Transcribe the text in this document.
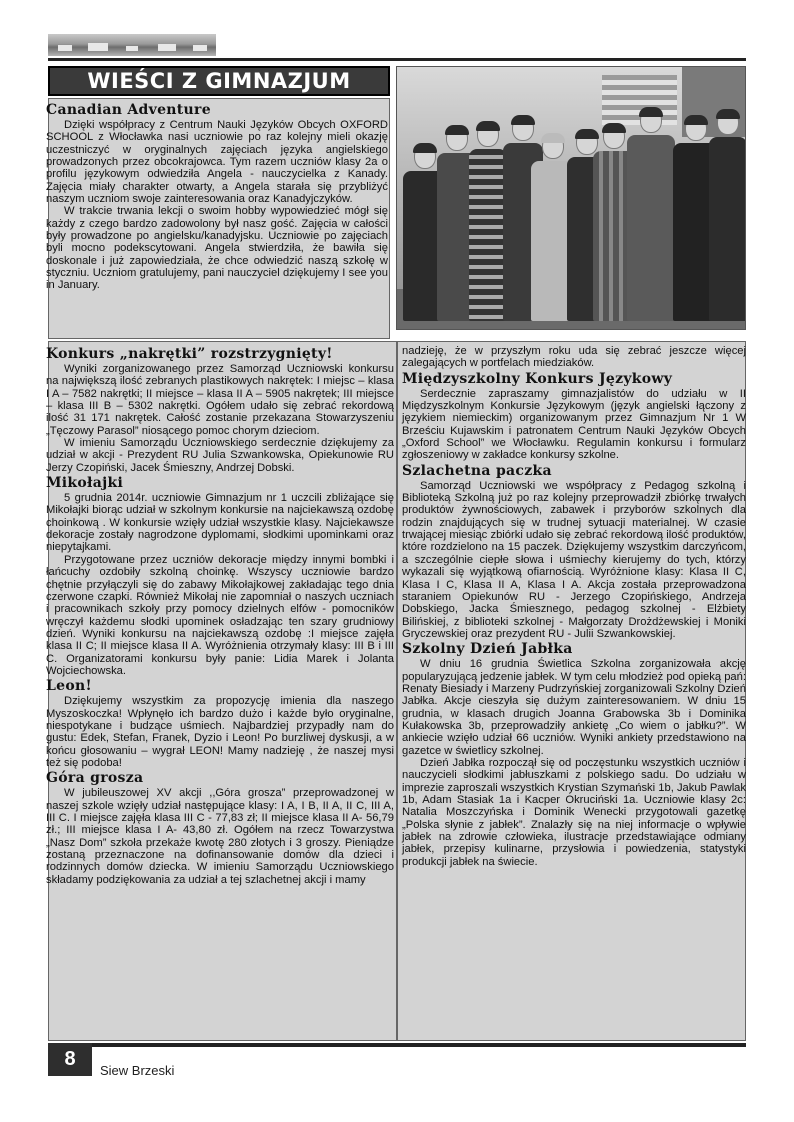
WIEŚCI Z GIMNAZJUM
Canadian Adventure

Dzięki współpracy z Centrum Nauki Języków Obcych OXFORD SCHOOL z Włocławka nasi uczniowie po raz kolejny mieli okazję uczestniczyć w oryginalnych zajęciach języka angielskiego prowadzonych przez obcokrajowca. Tym razem uczniów klasy 2a o profilu językowym odwiedziła Angela - nauczycielka z Kanady. Zajęcia miały charakter otwarty, a Angela starała się przybliżyć naszym uczniom swoje zainteresowania oraz Kanadyjczyków.

W trakcie trwania lekcji o swoim hobby wypowiedzieć mógł się każdy z czego bardzo zadowolony był nasz gość. Zajęcia w całości były prowadzone po angielsku/kanadyjsku. Uczniowie po zajęciach byli mocno podekscytowani. Angela stwierdziła, że bawiła się doskonale i już zapowiedziała, że chce odwiedzić naszą szkołę w styczniu. Uczniom gratulujemy, pani nauczyciel dziękujemy I see you in January.

Konkurs „nakrętki” rozstrzygnięty!

Wyniki zorganizowanego przez Samorząd Uczniowski konkursu na największą ilość zebranych plastikowych nakrętek: I miejsc – klasa I A – 7582 nakrętki; II miejsce – klasa II A – 5905 nakrętek; III miejsce – klasa III B – 5302 nakrętki. Ogółem udało się zebrać rekordową ilość 31 171 nakrętek. Całość zostanie przekazana Stowarzyszeniu „Tęczowy Parasol” niosącego pomoc chorym dzieciom.

W imieniu Samorządu Uczniowskiego serdecznie dziękujemy za udział w akcji - Prezydent RU Julia Szwankowska, Opiekunowie RU Jerzy Czopiński, Jacek Śmieszny, Andrzej Dobski.

Mikołajki

5 grudnia 2014r. uczniowie Gimnazjum nr 1 uczcili zbliżające się Mikołajki biorąc udział w szkolnym konkursie na najciekawszą ozdobę choinkową . W konkursie wzięły udział wszystkie klasy. Najciekawsze dekoracje zostały nagrodzone dyplomami, słodkimi upominkami oraz niepytajkami.

Przygotowane przez uczniów dekoracje między innymi bombki i łańcuchy ozdobiły szkolną choinkę. Wszyscy uczniowie bardzo chętnie przyłączyli się do zabawy Mikołajkowej zakładając tego dnia czerwone czapki. Również Mikołaj nie zapomniał o naszych uczniach i pracownikach szkoły przy pomocy dzielnych elfów - pomocników wręczył każdemu słodki upominek osładzając ten szary grudniowy dzień. Wyniki konkursu na najciekawszą ozdobę :I miejsce zajęła klasa II C; II miejsce klasa II A. Wyróżnienia otrzymały klasy: III B i III C. Organizatorami konkursu były panie: Lidia Marek i Jolanta Wojciechowska.

Leon!

Dziękujemy wszystkim za propozycję imienia dla naszego Myszoskoczka! Wpłynęło ich bardzo dużo i każde było oryginalne, niespotykane i budzące uśmiech. Najbardziej przypadły nam do gustu: Edek, Stefan, Franek, Dyzio i Leon! Po burzliwej dyskusji, a w końcu głosowaniu – wygrał LEON! Mamy nadzieję , że naszej mysi też się podoba!

Góra grosza

W jubileuszowej XV akcji ,,Góra grosza” przeprowadzonej w naszej szkole wzięły udział następujące klasy: I A, I B, II A, II C, III A, III C. I miejsce zajęła klasa III C - 77,83 zł; II miejsce klasa II A- 56,79 zł.; III miejsce klasa I A- 43,80 zł. Ogółem na rzecz Towarzystwa „Nasz Dom” szkoła przekaże kwotę 280 złotych i 3 groszy. Pieniądze zostaną przeznaczone na dofinansowanie domów dla dzieci i rodzinnych domów dziecka. W imieniu Samorządu Uczniowskiego składamy podziękowania za udział a tej szlachetnej akcji i mamy

nadzieję, że w przyszłym roku uda się zebrać jeszcze więcej zalegających w portfelach miedziaków.

Międzyszkolny Konkurs Językowy

Serdecznie zapraszamy gimnazjalistów do udziału w II Międzyszkolnym Konkursie Językowym (język angielski łączony z językiem niemieckim) organizowanym przez Gimnazjum Nr 1 W Brześciu Kujawskim i patronatem Centrum Nauki Języków Obcych „Oxford School” we Włocławku. Regulamin konkursu i formularz zgłoszeniowy w zakładce konkursy szkolne.

Szlachetna paczka

Samorząd Uczniowski we współpracy z Pedagog szkolną i Biblioteką Szkolną już po raz kolejny przeprowadził zbiórkę trwałych produktów żywnościowych, zabawek i przyborów szkolnych dla rodzin znajdujących się w trudnej sytuacji materialnej. W czasie trwającej miesiąc zbiórki udało się zebrać rekordową ilość produktów, które rozdzielono na 15 paczek. Dziękujemy wszystkim darczyńcom, a szczególnie ciepłe słowa i uśmiechy kierujemy do tych, którzy wykazali się wyjątkową ofiarnością. Wyróżnione klasy: Klasa II C, Klasa I C, Klasa II A, Klasa I A. Akcja została przeprowadzona staraniem Opiekunów RU - Jerzego Czopińskiego, Andrzeja Dobskiego, Jacka Śmiesznego, pedagog szkolnej - Elżbiety Bilińskiej, z biblioteki szkolnej - Małgorzaty Drożdżewskiej i Moniki Gryczewskiej oraz prezydent RU - Julii Szwankowskiej.

Szkolny Dzień Jabłka

W dniu 16 grudnia Świetlica Szkolna zorganizowała akcję popularyzującą jedzenie jabłek. W tym celu młodzież pod opieką pań: Renaty Biesiady i Marzeny Pudrzyńskiej zorganizowali Szkolny Dzień Jabłka. Akcje cieszyła się dużym zainteresowaniem. W dniu 15 grudnia, w klasach drugich Joanna Grabowska 3b i Dominika Kułakowska 3b, przeprowadziły ankietę „Co wiem o jabłku?”. W ankiecie wzięło udział 66 uczniów. Wyniki ankiety przedstawiono na gazetce w świetlicy szkolnej.

Dzień Jabłka rozpoczął się od poczęstunku wszystkich uczniów i nauczycieli słodkimi jabłuszkami z polskiego sadu. Do udziału w imprezie zaproszali wszystkich Krystian Szymański 1b, Jakub Pawlak 1b, Adam Stasiak 1a i Kacper Okruciński 1a. Uczniowie klasy 2c: Natalia Moszczyńska i Dominik Wenecki przygotowali gazetkę „Polska słynie z jabłek”. Znalazły się na niej informacje o wpływie jabłek na zdrowie człowieka, ilustracje przedstawiające odmiany jabłek, przepisy kulinarne, przysłowia i powiedzenia, statystyki produkcji jabłek na świecie.

8
Siew Brzeski
